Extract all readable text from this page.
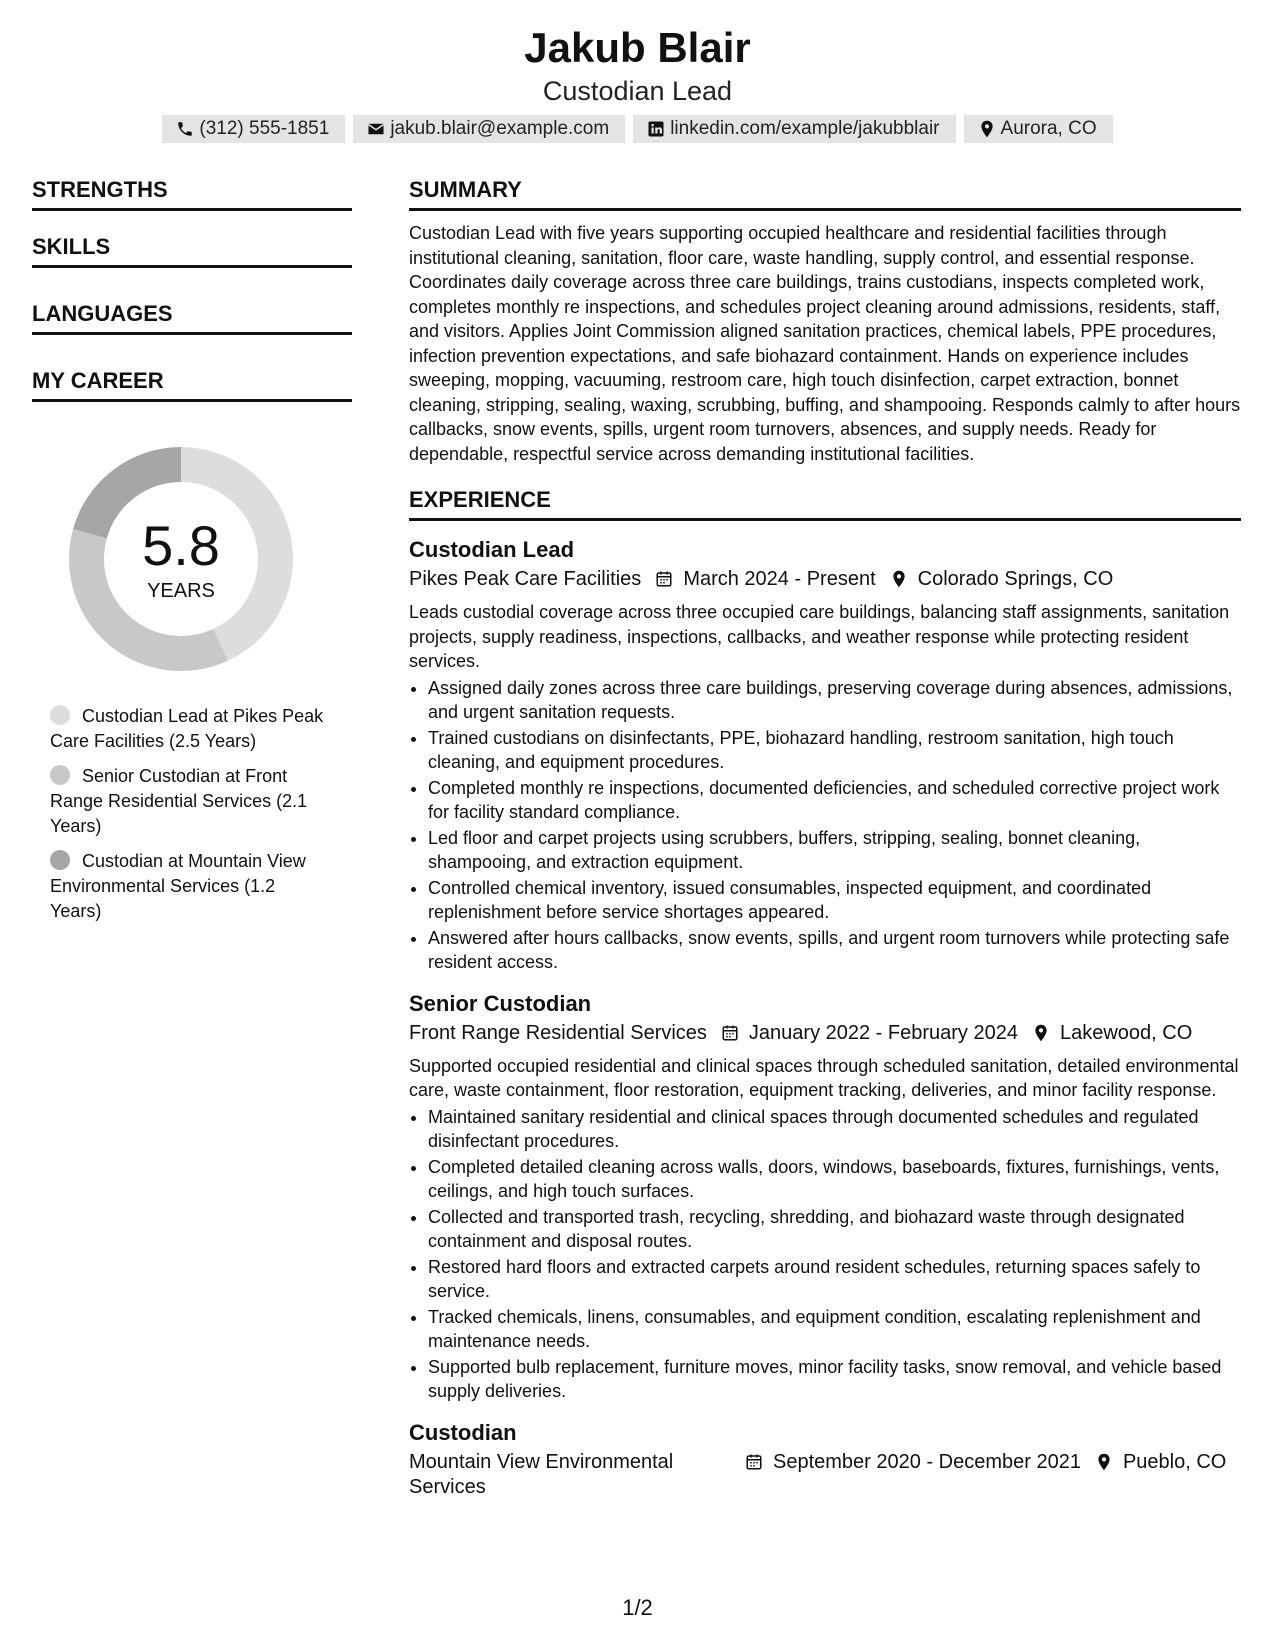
Jakub Blair
Custodian Lead
(312) 555-1851	jakub.blair@example.com	linkedin.com/example/jakubblair	Aurora, CO
STRENGTHS
SKILLS
LANGUAGES
MY CAREER
5.8
YEARS
Custodian Lead at Pikes Peak Care Facilities (2.5 Years)
Senior Custodian at Front Range Residential Services (2.1 Years)
Custodian at Mountain View Environmental Services (1.2 Years)
SUMMARY
Custodian Lead with five years supporting occupied healthcare and residential facilities through institutional cleaning, sanitation, floor care, waste handling, supply control, and essential response. Coordinates daily coverage across three care buildings, trains custodians, inspects completed work, completes monthly re inspections, and schedules project cleaning around admissions, residents, staff, and visitors. Applies Joint Commission aligned sanitation practices, chemical labels, PPE procedures, infection prevention expectations, and safe biohazard containment. Hands on experience includes sweeping, mopping, vacuuming, restroom care, high touch disinfection, carpet extraction, bonnet cleaning, stripping, sealing, waxing, scrubbing, buffing, and shampooing. Responds calmly to after hours callbacks, snow events, spills, urgent room turnovers, absences, and supply needs. Ready for dependable, respectful service across demanding institutional facilities.
EXPERIENCE
Custodian Lead
Pikes Peak Care Facilities March 2024 - Present Colorado Springs, CO
Leads custodial coverage across three occupied care buildings, balancing staff assignments, sanitation projects, supply readiness, inspections, callbacks, and weather response while protecting resident services.
• Assigned daily zones across three care buildings, preserving coverage during absences, admissions, and urgent sanitation requests.
• Trained custodians on disinfectants, PPE, biohazard handling, restroom sanitation, high touch cleaning, and equipment procedures.
• Completed monthly re inspections, documented deficiencies, and scheduled corrective project work for facility standard compliance.
• Led floor and carpet projects using scrubbers, buffers, stripping, sealing, bonnet cleaning, shampooing, and extraction equipment.
• Controlled chemical inventory, issued consumables, inspected equipment, and coordinated replenishment before service shortages appeared.
• Answered after hours callbacks, snow events, spills, and urgent room turnovers while protecting safe resident access.
Senior Custodian
Front Range Residential Services January 2022 - February 2024 Lakewood, CO
Supported occupied residential and clinical spaces through scheduled sanitation, detailed environmental care, waste containment, floor restoration, equipment tracking, deliveries, and minor facility response.
• Maintained sanitary residential and clinical spaces through documented schedules and regulated disinfectant procedures.
• Completed detailed cleaning across walls, doors, windows, baseboards, fixtures, furnishings, vents, ceilings, and high touch surfaces.
• Collected and transported trash, recycling, shredding, and biohazard waste through designated containment and disposal routes.
• Restored hard floors and extracted carpets around resident schedules, returning spaces safely to service.
• Tracked chemicals, linens, consumables, and equipment condition, escalating replenishment and maintenance needs.
• Supported bulb replacement, furniture moves, minor facility tasks, snow removal, and vehicle based supply deliveries.
Custodian
Mountain View Environmental Services
September 2020 - December 2021 Pueblo, CO
1/2
